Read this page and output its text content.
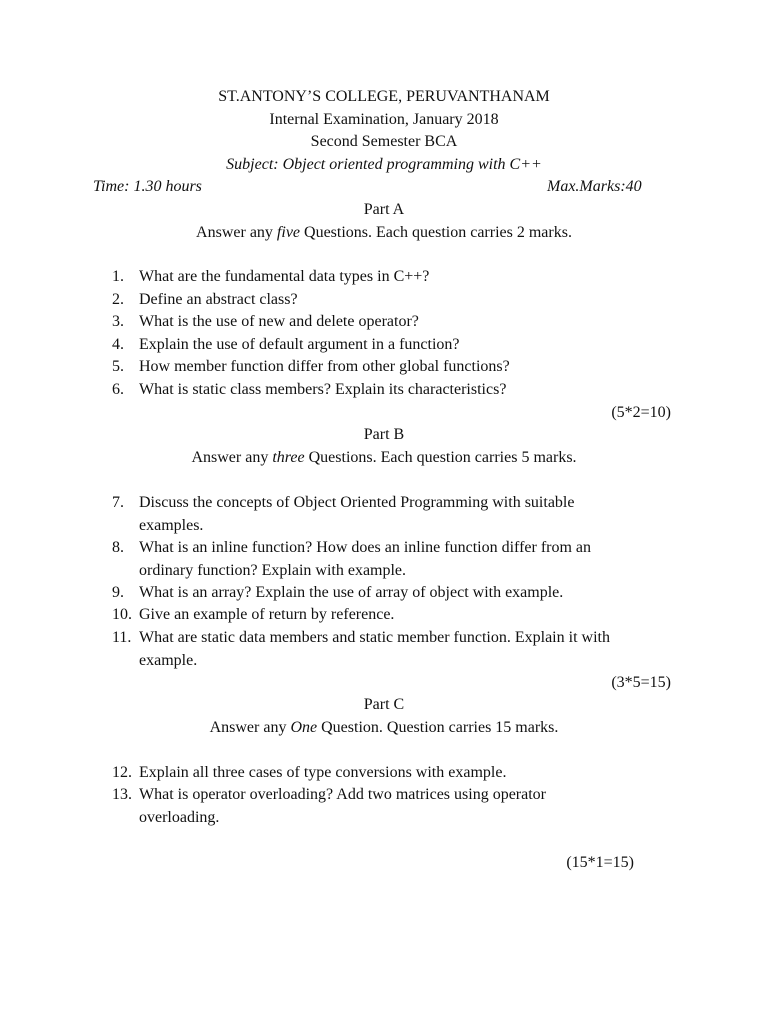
ST.ANTONY’S COLLEGE, PERUVANTHANAM
Internal Examination, January 2018
Second Semester BCA
Subject: Object oriented programming with C++
Time: 1.30 hours	Max.Marks:40
Part A
Answer any five Questions. Each question carries 2 marks.
1. What are the fundamental data types in C++?
2. Define an abstract class?
3. What is the use of new and delete operator?
4. Explain the use of default argument in a function?
5. How member function differ from other global functions?
6. What is static class members? Explain its characteristics?
(5*2=10)
Part B
Answer any three Questions. Each question carries 5 marks.
7. Discuss the concepts of Object Oriented Programming with suitable
examples.
8. What is an inline function? How does an inline function differ from an
ordinary function? Explain with example.
9. What is an array? Explain the use of array of object with example.
10. Give an example of return by reference.
11. What are static data members and static member function. Explain it with
example.
(3*5=15)
Part C
Answer any One Question. Question carries 15 marks.
12. Explain all three cases of type conversions with example.
13. What is operator overloading? Add two matrices using operator
overloading.
(15*1=15)
